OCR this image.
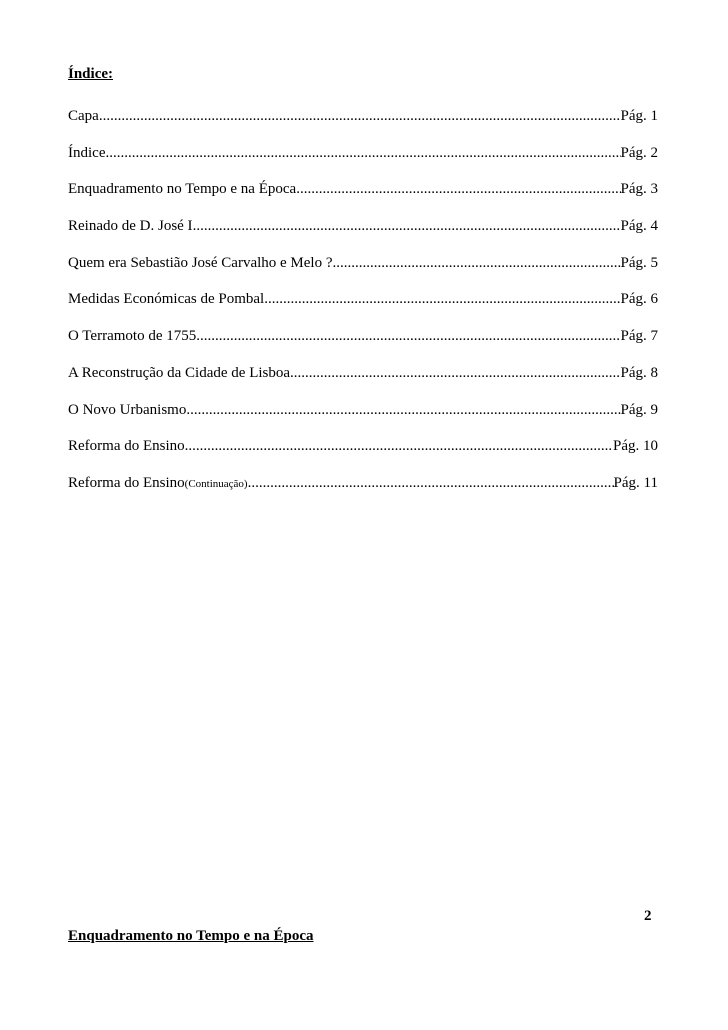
Índice:
Capa .....	Pág. 1
Índice .....	Pág. 2
Enquadramento no Tempo e na Época .....	Pág. 3
Reinado de D. José I .....	Pág. 4
Quem era Sebastião José Carvalho e Melo ? .....	Pág. 5
Medidas Económicas de Pombal .....	Pág. 6
O Terramoto de 1755 .....	Pág. 7
A Reconstrução da Cidade de Lisboa .....	Pág. 8
O Novo Urbanismo .....	Pág. 9
Reforma do Ensino .....	Pág. 10
Reforma do Ensino (Continuação) .....	Pág. 11
2
Enquadramento no Tempo e na Época
